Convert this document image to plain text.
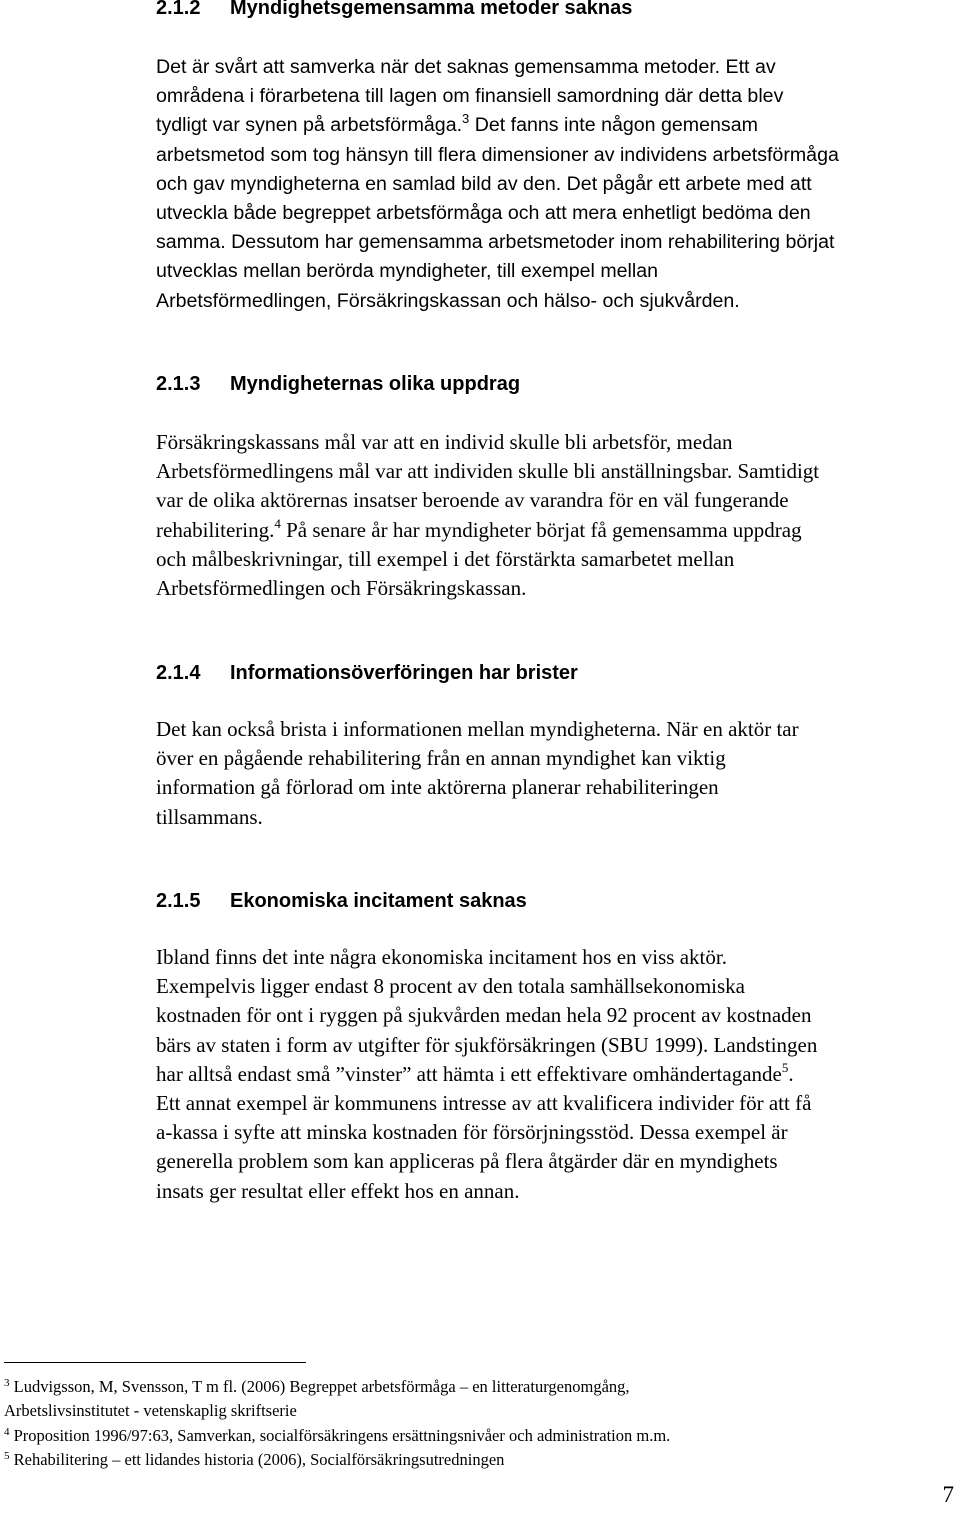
2.1.2 Myndighetsgemensamma metoder saknas
Det är svårt att samverka när det saknas gemensamma metoder. Ett av
områdena i förarbetena till lagen om finansiell samordning där detta blev
tydligt var synen på arbetsförmåga.$^3$ Det fanns inte någon gemensam
arbetsmetod som tog hänsyn till flera dimensioner av individens arbetsförmåga
och gav myndigheterna en samlad bild av den. Det pågår ett arbete med att
utveckla både begreppet arbetsförmåga och att mera enhetligt bedöma den
samma. Dessutom har gemensamma arbetsmetoder inom rehabilitering börjat
utvecklas mellan berörda myndigheter, till exempel mellan
Arbetsförmedlingen, Försäkringskassan och hälso- och sjukvården.
2.1.3 Myndigheternas olika uppdrag
Försäkringskassans mål var att en individ skulle bli arbetsför, medan
Arbetsförmedlingens mål var att individen skulle bli anställningsbar. Samtidigt
var de olika aktörernas insatser beroende av varandra för en väl fungerande
rehabilitering.$^4$ På senare år har myndigheter börjat få gemensamma uppdrag
och målbeskrivningar, till exempel i det förstärkta samarbetet mellan
Arbetsförmedlingen och Försäkringskassan.
2.1.4 Informationsöverföringen har brister
Det kan också brista i informationen mellan myndigheterna. När en aktör tar
över en pågående rehabilitering från en annan myndighet kan viktig
information gå förlorad om inte aktörerna planerar rehabiliteringen
tillsammans.
2.1.5 Ekonomiska incitament saknas
Ibland finns det inte några ekonomiska incitament hos en viss aktör.
Exempelvis ligger endast 8 procent av den totala samhällsekonomiska
kostnaden för ont i ryggen på sjukvården medan hela 92 procent av kostnaden
bärs av staten i form av utgifter för sjukförsäkringen (SBU 1999). Landstingen
har alltså endast små ”vinster” att hämta i ett effektivare omhändertagande$^5$.
Ett annat exempel är kommunens intresse av att kvalificera individer för att få
a-kassa i syfte att minska kostnaden för försörjningsstöd. Dessa exempel är
generella problem som kan appliceras på flera åtgärder där en myndighets
insats ger resultat eller effekt hos en annan.
$^3$ Ludvigsson, M, Svensson, T m fl. (2006) Begreppet arbetsförmåga – en litteraturgenomgång,
Arbetslivsinstitutet - vetenskaplig skriftserie
$^4$ Proposition 1996/97:63, Samverkan, socialförsäkringens ersättningsnivåer och administration m.m.
$^5$ Rehabilitering – ett lidandes historia (2006), Socialförsäkringsutredningen
7
